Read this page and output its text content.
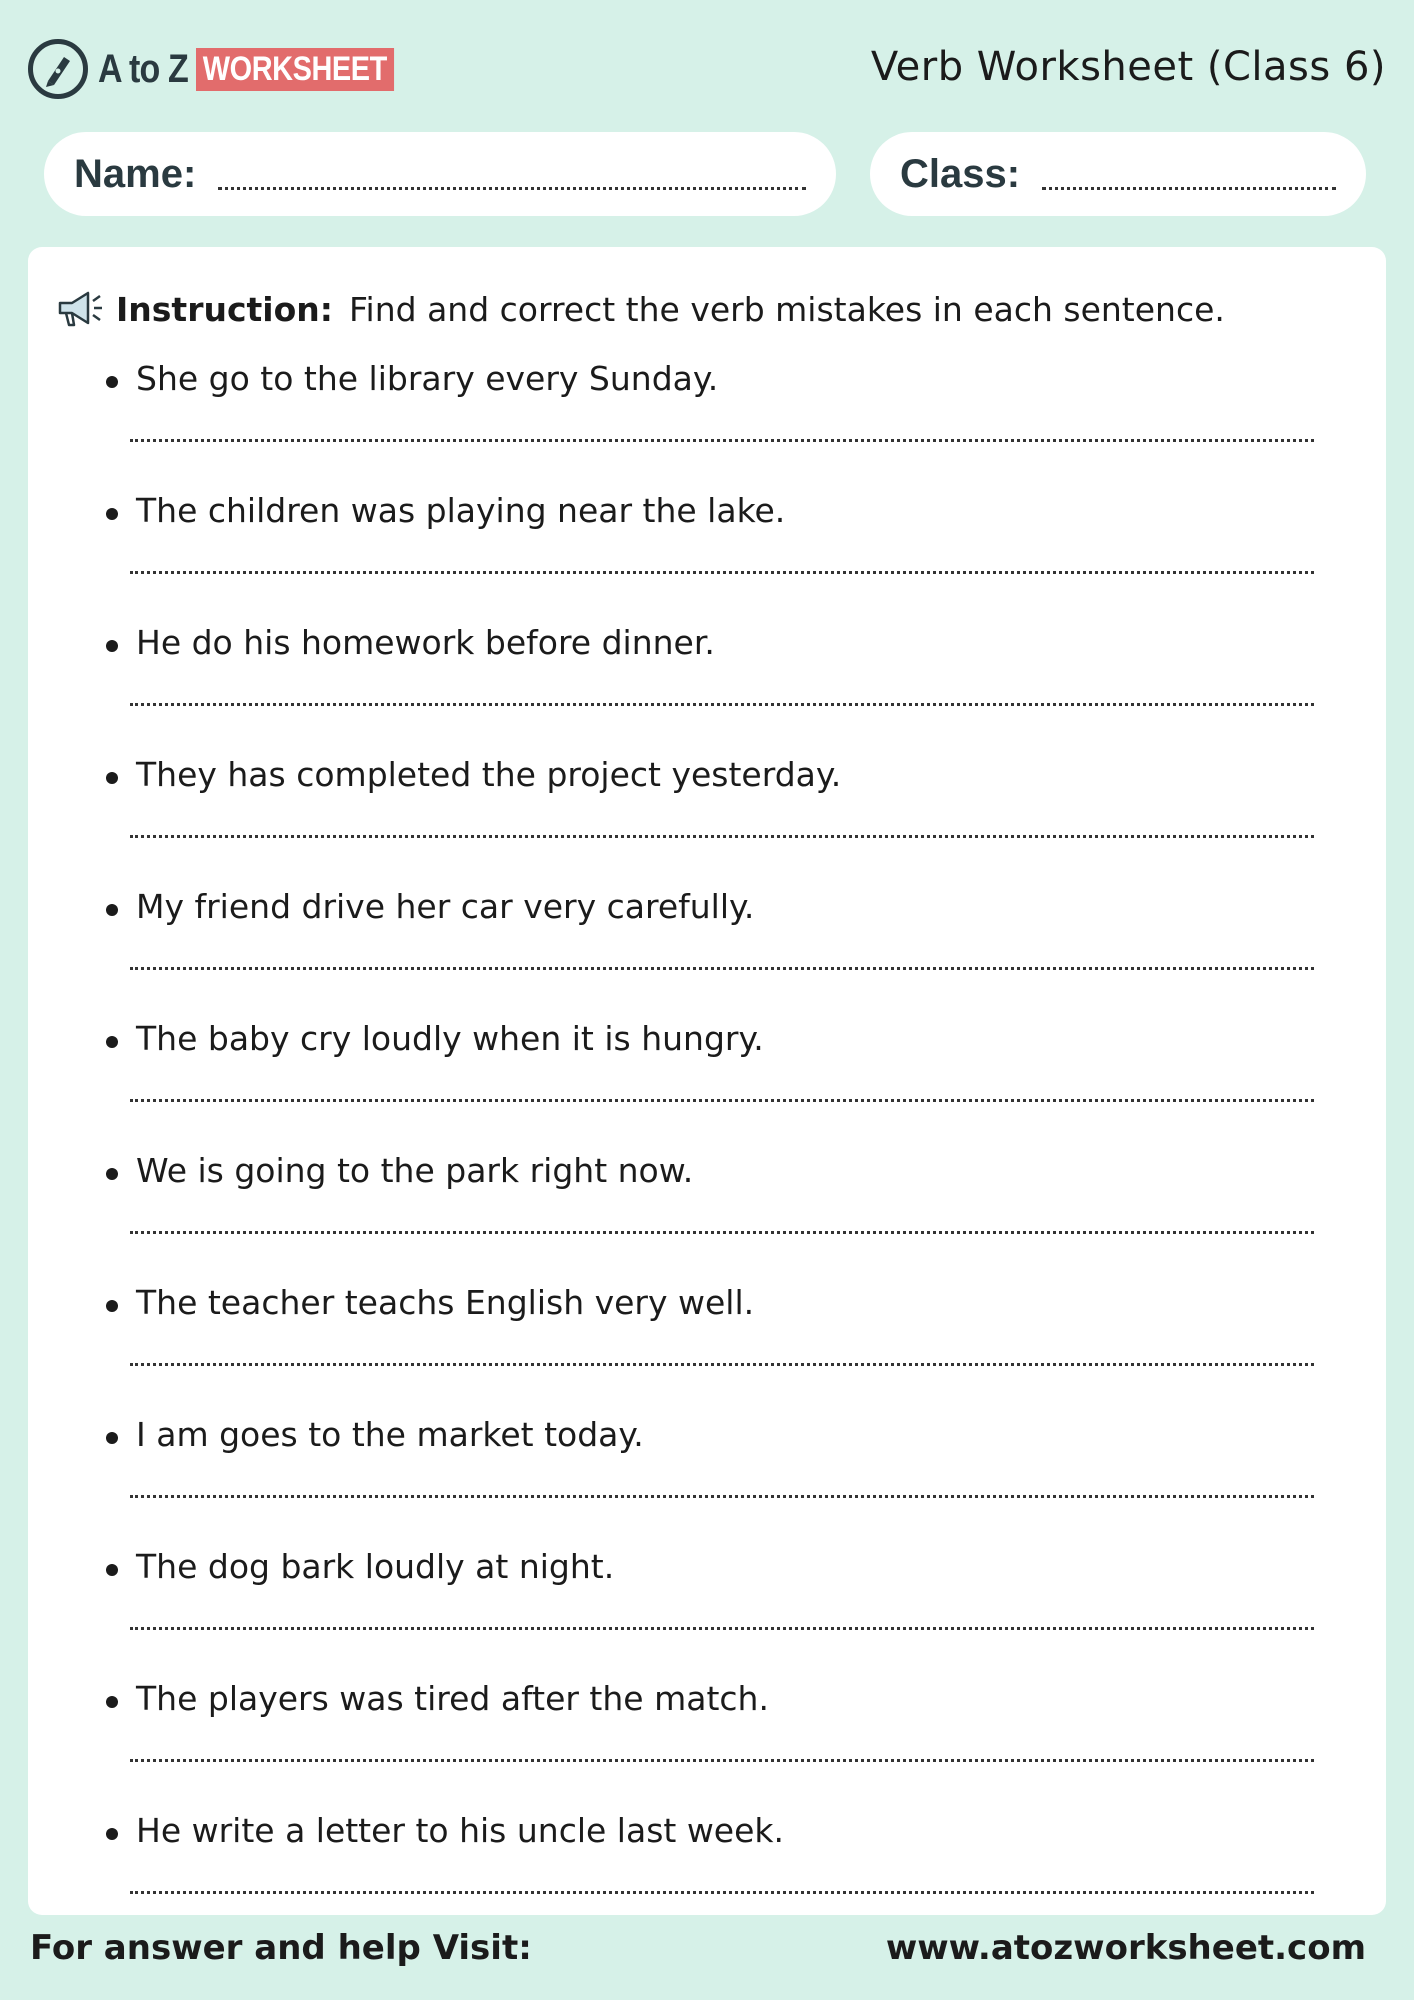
A to Z WORKSHEET	Verb Worksheet (Class 6)
Name:	Class:
Instruction: Find and correct the verb mistakes in each sentence.
She go to the library every Sunday.
The children was playing near the lake.
He do his homework before dinner.
They has completed the project yesterday.
My friend drive her car very carefully.
The baby cry loudly when it is hungry.
We is going to the park right now.
The teacher teachs English very well.
I am goes to the market today.
The dog bark loudly at night.
The players was tired after the match.
He write a letter to his uncle last week.
For answer and help Visit:	www.atozworksheet.com
